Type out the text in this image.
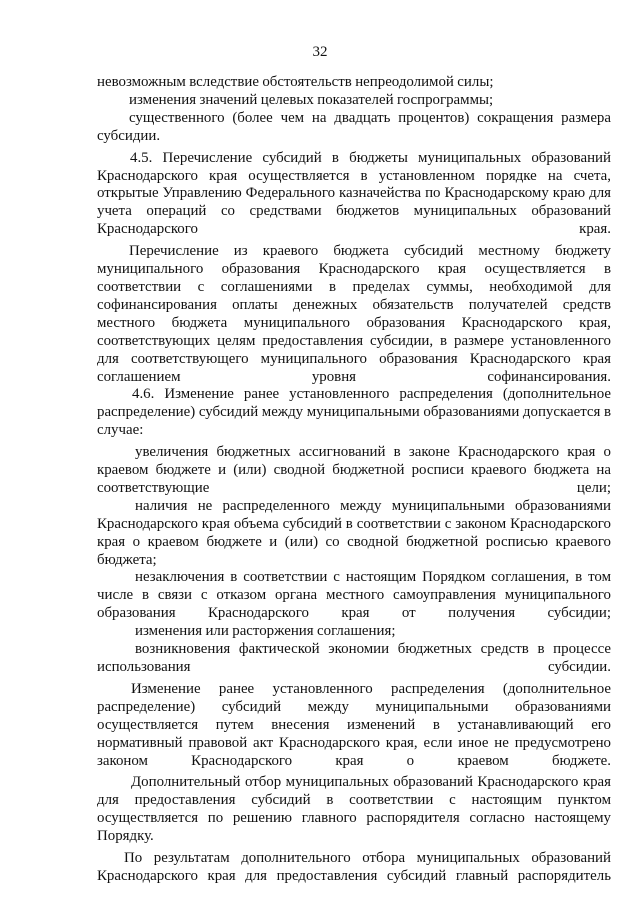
32

невозможным вследствие обстоятельств непреодолимой силы;

изменения значений целевых показателей госпрограммы;

существенного (более чем на двадцать процентов) сокращения размера субсидии.

4.5. Перечисление субсидий в бюджеты муниципальных образований Краснодарского края осуществляется в установленном порядке на счета, открытые Управлению Федерального казначейства по Краснодарскому краю для учета операций со средствами бюджетов муниципальных образований Краснодарского края.

Перечисление из краевого бюджета субсидий местному бюджету муниципального образования Краснодарского края осуществляется в соответствии с соглашениями в пределах суммы, необходимой для софинансирования оплаты денежных обязательств получателей средств местного бюджета муниципального образования Краснодарского края, соответствующих целям предоставления субсидии, в размере установленного для соответствующего муниципального образования Краснодарского края соглашением уровня софинансирования.

4.6. Изменение ранее установленного распределения (дополнительное распределение) субсидий между муниципальными образованиями допускается в случае:

увеличения бюджетных ассигнований в законе Краснодарского края о краевом бюджете и (или) сводной бюджетной росписи краевого бюджета на соответствующие цели;

наличия не распределенного между муниципальными образованиями Краснодарского края объема субсидий в соответствии с законом Краснодарского края о краевом бюджете и (или) со сводной бюджетной росписью краевого бюджета;

незаключения в соответствии с настоящим Порядком соглашения, в том числе в связи с отказом органа местного самоуправления муниципального образования Краснодарского края от получения субсидии;

изменения или расторжения соглашения;

возникновения фактической экономии бюджетных средств в процессе использования субсидии.

Изменение ранее установленного распределения (дополнительное распределение) субсидий между муниципальными образованиями осуществляется путем внесения изменений в устанавливающий его нормативный правовой акт Краснодарского края, если иное не предусмотрено законом Краснодарского края о краевом бюджете.

Дополнительный отбор муниципальных образований Краснодарского края для предоставления субсидий в соответствии с настоящим пунктом осуществляется по решению главного распорядителя согласно настоящему Порядку.

По результатам дополнительного отбора муниципальных образований Краснодарского края для предоставления субсидий главный распорядитель
